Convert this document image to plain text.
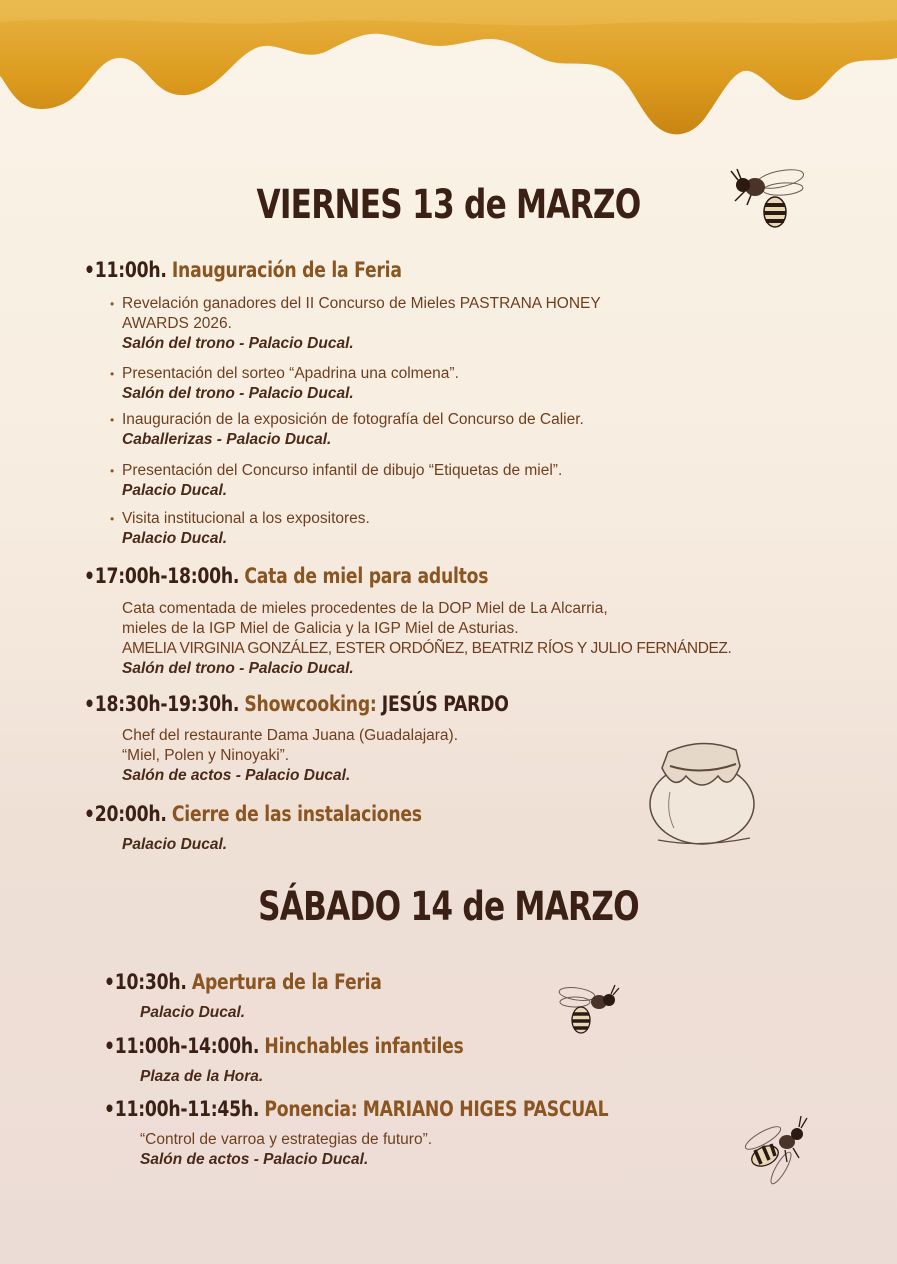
VIERNES 13 de MARZO
•11:00h. Inauguración de la Feria
• Revelación ganadores del II Concurso de Mieles PASTRANA HONEY
AWARDS 2026.
Salón del trono - Palacio Ducal.
• Presentación del sorteo “Apadrina una colmena”.
Salón del trono - Palacio Ducal.
• Inauguración de la exposición de fotografía del Concurso de Calier.
Caballerizas - Palacio Ducal.
• Presentación del Concurso infantil de dibujo “Etiquetas de miel”.
Palacio Ducal.
• Visita institucional a los expositores.
Palacio Ducal.
•17:00h-18:00h. Cata de miel para adultos
Cata comentada de mieles procedentes de la DOP Miel de La Alcarria,
mieles de la IGP Miel de Galicia y la IGP Miel de Asturias.
AMELIA VIRGINIA GONZÁLEZ, ESTER ORDÓÑEZ, BEATRIZ RÍOS Y JULIO FERNÁNDEZ.
Salón del trono - Palacio Ducal.
•18:30h-19:30h. Showcooking: JESÚS PARDO
Chef del restaurante Dama Juana (Guadalajara).
“Miel, Polen y Ninoyaki”.
Salón de actos - Palacio Ducal.
•20:00h. Cierre de las instalaciones
Palacio Ducal.
SÁBADO 14 de MARZO
•10:30h. Apertura de la Feria
Palacio Ducal.
•11:00h-14:00h. Hinchables infantiles
Plaza de la Hora.
•11:00h-11:45h. Ponencia: MARIANO HIGES PASCUAL
“Control de varroa y estrategias de futuro”.
Salón de actos - Palacio Ducal.
